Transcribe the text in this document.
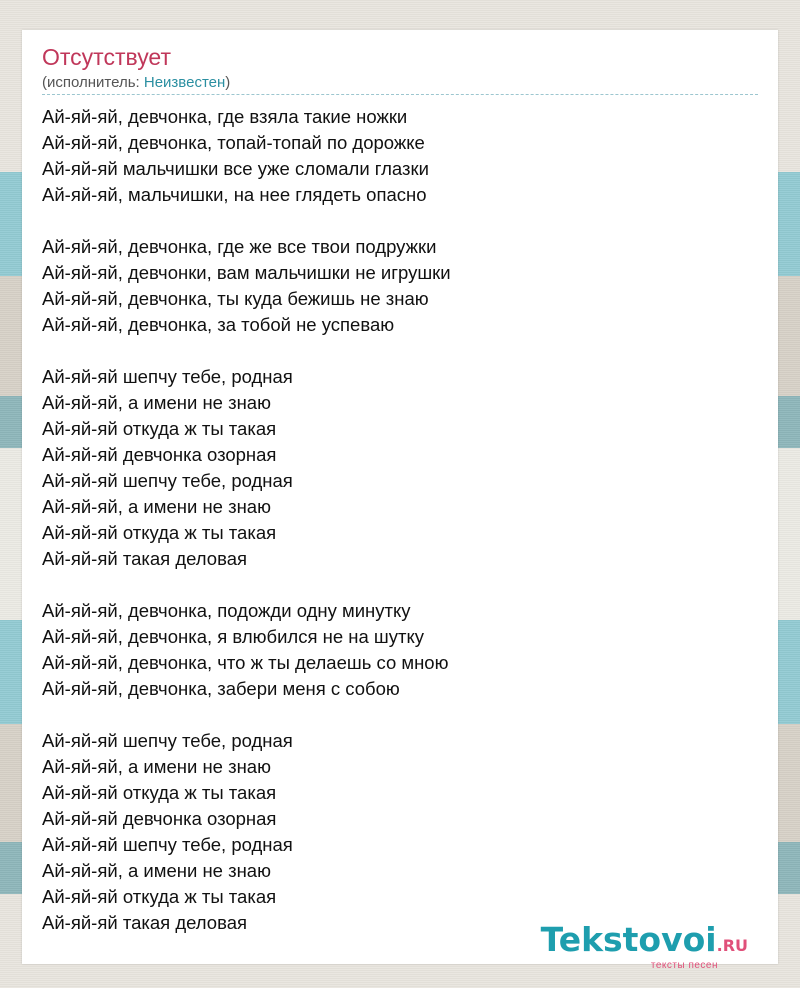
Отсутствует
(исполнитель: Неизвестен)
Ай-яй-яй, девчонка, где взяла такие ножки
Ай-яй-яй, девчонка, топай-топай по дорожке
Ай-яй-яй мальчишки все уже сломали глазки
Ай-яй-яй, мальчишки, на нее глядеть опасно
Ай-яй-яй, девчонка, где же все твои подружки
Ай-яй-яй, девчонки, вам мальчишки не игрушки
Ай-яй-яй, девчонка, ты куда бежишь не знаю
Ай-яй-яй, девчонка, за тобой не успеваю
Ай-яй-яй шепчу тебе, родная
Ай-яй-яй, а имени не знаю
Ай-яй-яй откуда ж ты такая
Ай-яй-яй девчонка озорная
Ай-яй-яй шепчу тебе, родная
Ай-яй-яй, а имени не знаю
Ай-яй-яй откуда ж ты такая
Ай-яй-яй такая деловая
Ай-яй-яй, девчонка, подожди одну минутку
Ай-яй-яй, девчонка, я влюбился не на шутку
Ай-яй-яй, девчонка, что ж ты делаешь со мною
Ай-яй-яй, девчонка, забери меня с собою
Ай-яй-яй шепчу тебе, родная
Ай-яй-яй, а имени не знаю
Ай-яй-яй откуда ж ты такая
Ай-яй-яй девчонка озорная
Ай-яй-яй шепчу тебе, родная
Ай-яй-яй, а имени не знаю
Ай-яй-яй откуда ж ты такая
Ай-яй-яй такая деловая	Tekstovoi.RU
тексты песен
